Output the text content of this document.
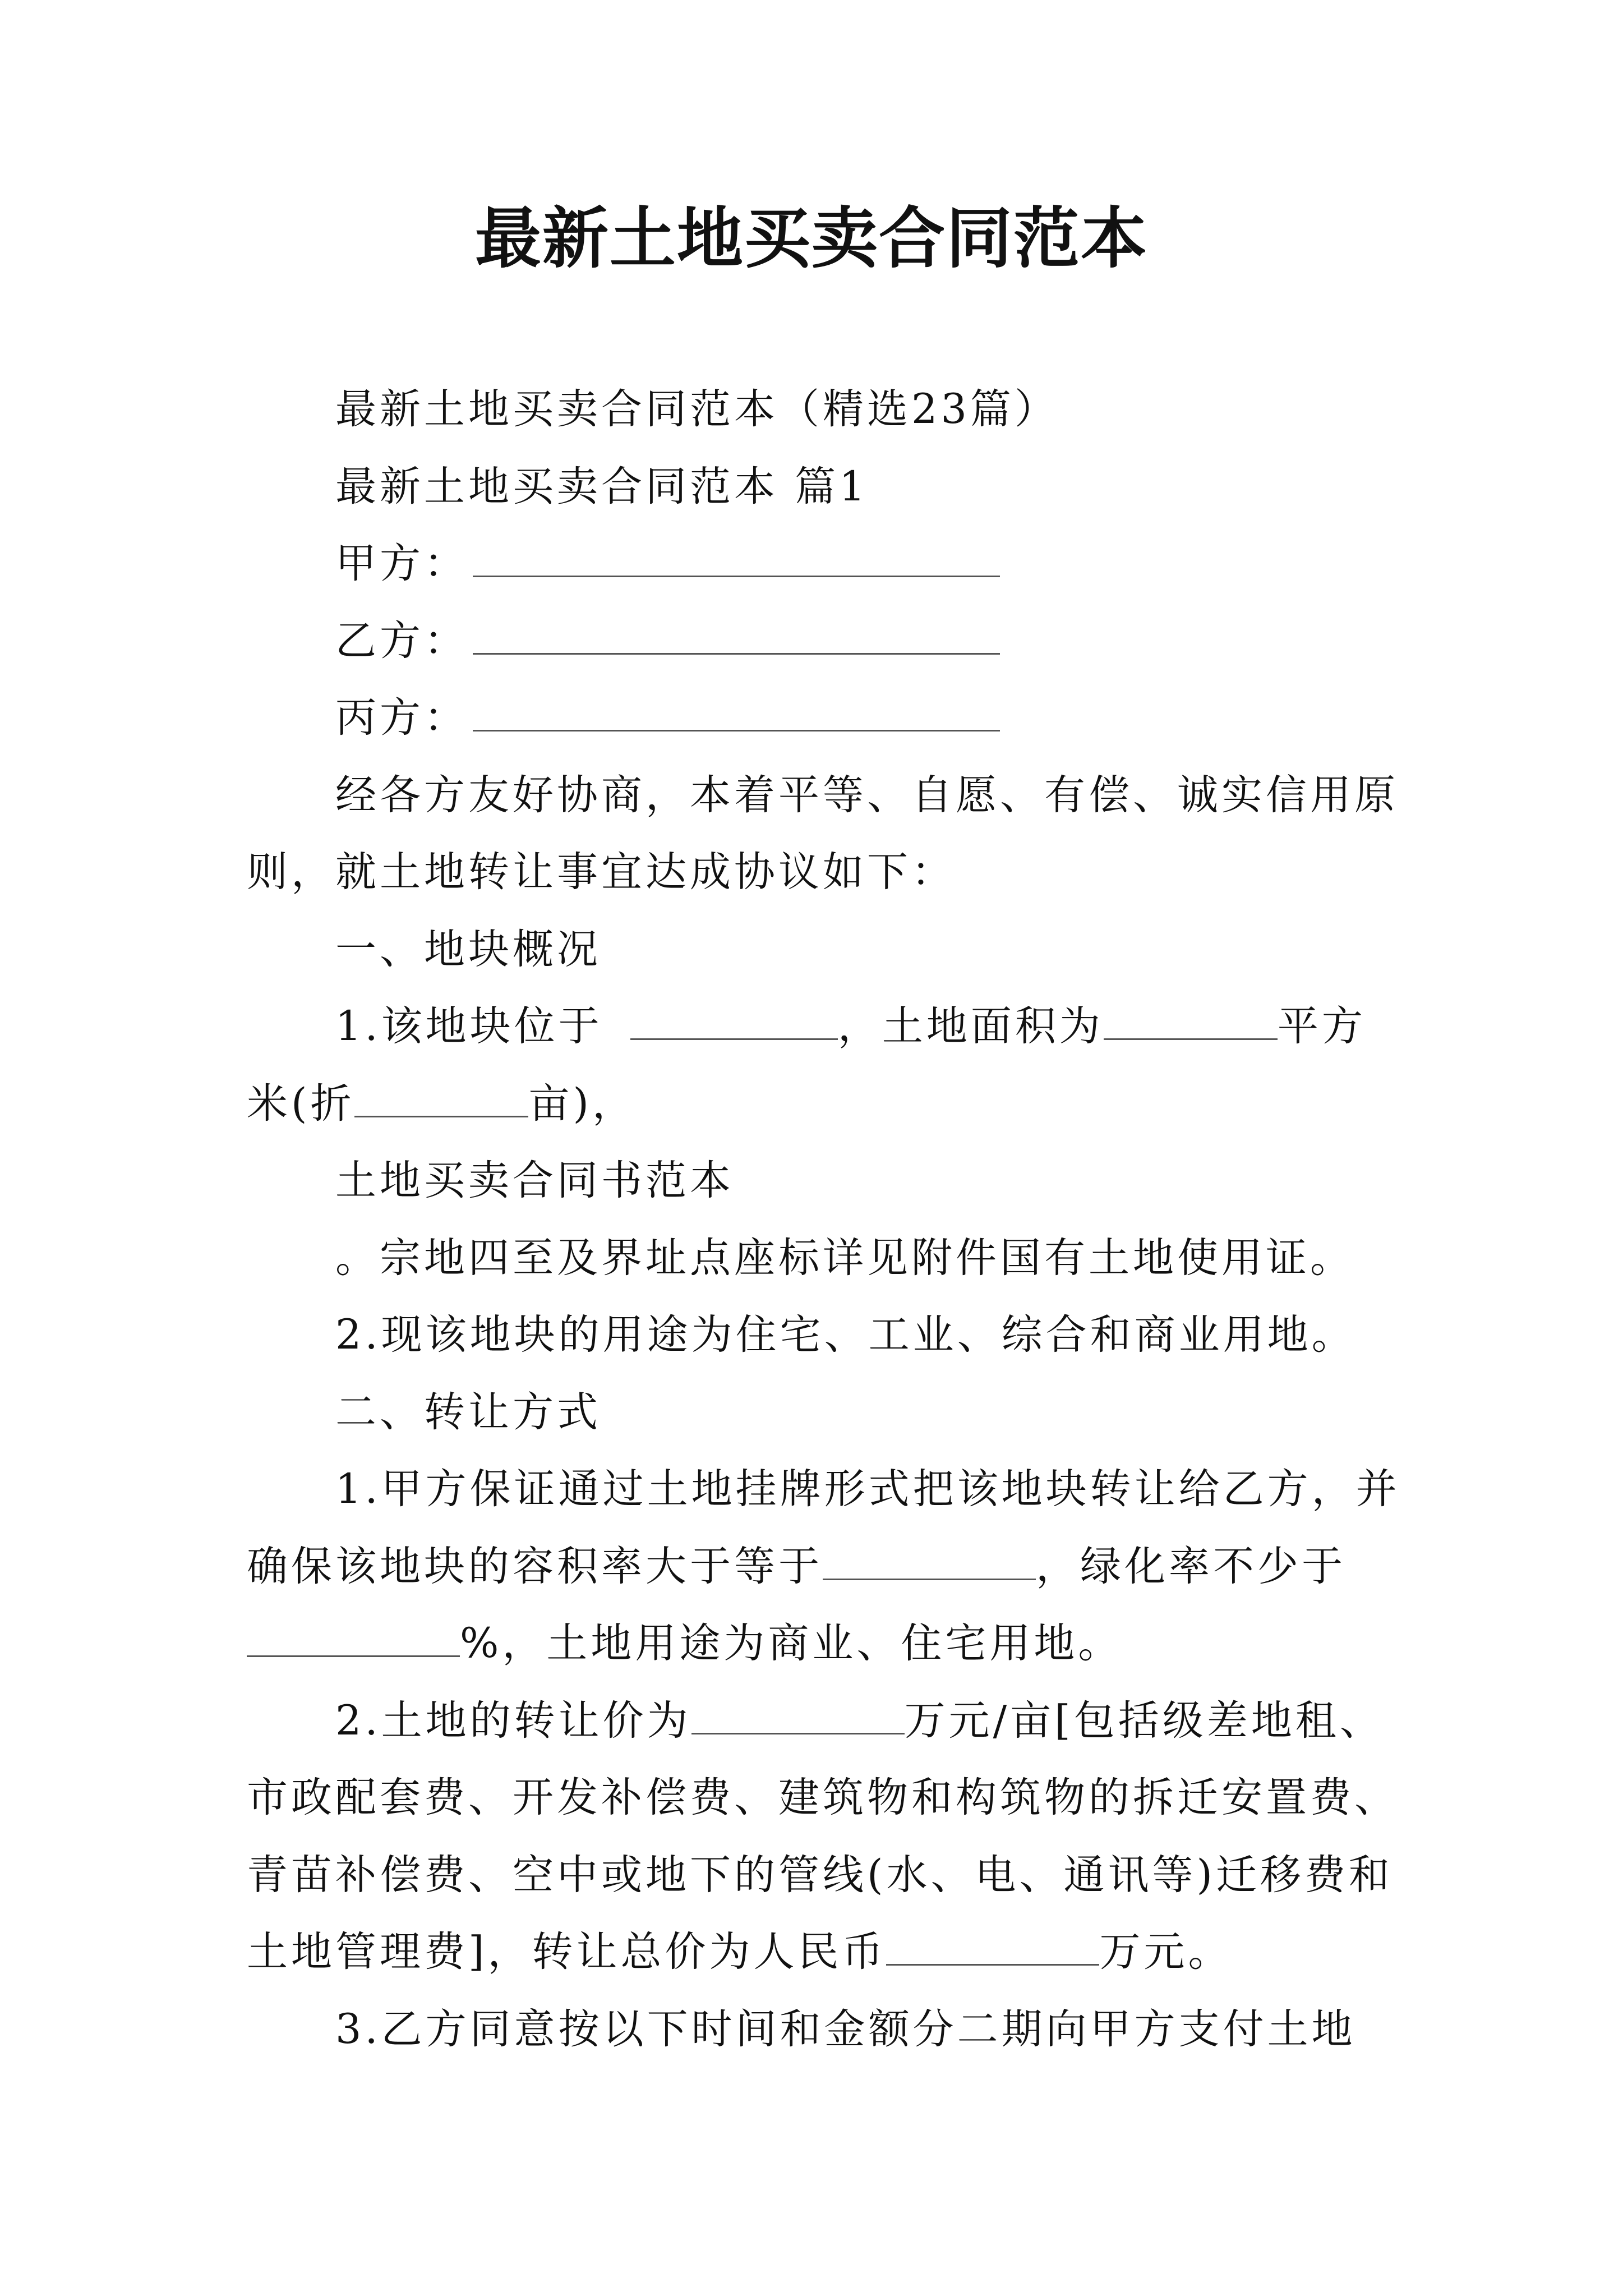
最新土地买卖合同范本
最新土地买卖合同范本（精选23篇）
最新土地买卖合同范本 篇1
甲方：
乙方：
丙方：
经各方友好协商，本着平等、自愿、有偿、诚实信用原
则，就土地转让事宜达成协议如下：
一、地块概况
1.该地块位于	，土地面积为	平方
米(折	亩)，
土地买卖合同书范本
。宗地四至及界址点座标详见附件国有土地使用证。
2.现该地块的用途为住宅、工业、综合和商业用地。
二、转让方式
1.甲方保证通过土地挂牌形式把该地块转让给乙方，并
确保该地块的容积率大于等于	，绿化率不少于
%，土地用途为商业、住宅用地。
2.土地的转让价为	万元/亩[包括级差地租、
市政配套费、开发补偿费、建筑物和构筑物的拆迁安置费、
青苗补偿费、空中或地下的管线(水、电、通讯等)迁移费和
土地管理费]，转让总价为人民币	万元。
3.乙方同意按以下时间和金额分二期向甲方支付土地
